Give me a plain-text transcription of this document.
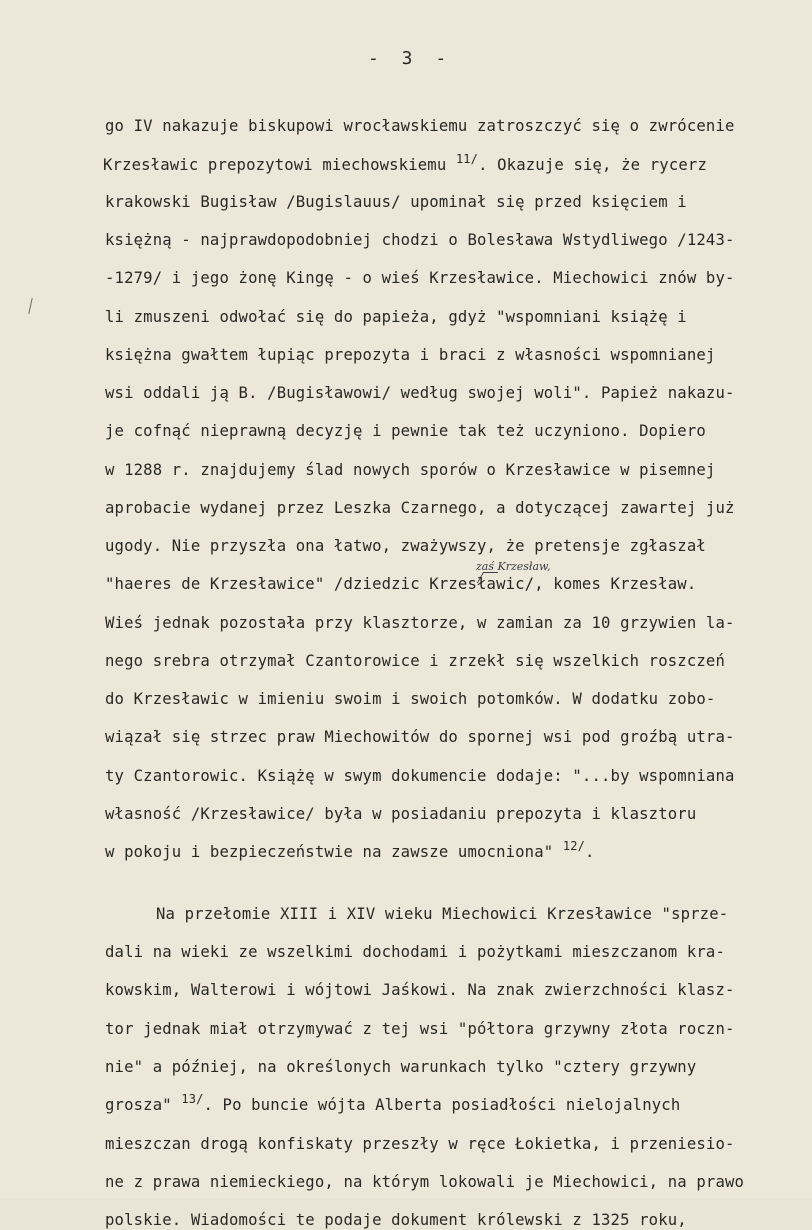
- 3 -
zaś Krzesław,
go IV nakazuje biskupowi wrocławskiemu zatroszczyć się o zwrócenie
Krzesławic prepozytowi miechowskiemu $^{11/}$. Okazuje się, że rycerz
krakowski Bugisław /Bugislauus/ upominał się przed księciem i
księżną - najprawdopodobniej chodzi o Bolesława Wstydliwego /1243-
-1279/ i jego żonę Kingę - o wieś Krzesławice. Miechowici znów by-
li zmuszeni odwołać się do papieża, gdyż "wspomniani książę i
księżna gwałtem łupiąc prepozyta i braci z własności wspomnianej
wsi oddali ją B. /Bugisławowi/ według swojej woli". Papież nakazu-
je cofnąć nieprawną decyzję i pewnie tak też uczyniono. Dopiero
w 1288 r. znajdujemy ślad nowych sporów o Krzesławice w pisemnej
aprobacie wydanej przez Leszka Czarnego, a dotyczącej zawartej już
ugody. Nie przyszła ona łatwo, zważywszy, że pretensje zgłaszał
"haeres de Krzesławice" /dziedzic Krzesławic/, komes Krzesław.
Wieś jednak pozostała przy klasztorze, w zamian za 10 grzywien la-
nego srebra otrzymał Czantorowice i zrzekł się wszelkich roszczeń
do Krzesławic w imieniu swoim i swoich potomków. W dodatku zobo-
wiązał się strzec praw Miechowitów do spornej wsi pod groźbą utra-
ty Czantorowic. Książę w swym dokumencie dodaje: "...by wspomniana
własność /Krzesławice/ była w posiadaniu prepozyta i klasztoru
w pokoju i bezpieczeństwie na zawsze umocniona" $^{12/}$.
Na przełomie XIII i XIV wieku Miechowici Krzesławice "sprze-
dali na wieki ze wszelkimi dochodami i pożytkami mieszczanom kra-
kowskim, Walterowi i wójtowi Jaśkowi. Na znak zwierzchności klasz-
tor jednak miał otrzymywać z tej wsi "półtora grzywny złota roczn-
nie" a później, na określonych warunkach tylko "cztery grzywny
grosza" $^{13/}$. Po buncie wójta Alberta posiadłości nielojalnych
mieszczan drogą konfiskaty przeszły w ręce Łokietka, i przeniesio-
ne z prawa niemieckiego, na którym lokowali je Miechowici, na prawo
polskie. Wiadomości te podaje dokument królewski z 1325 roku,
